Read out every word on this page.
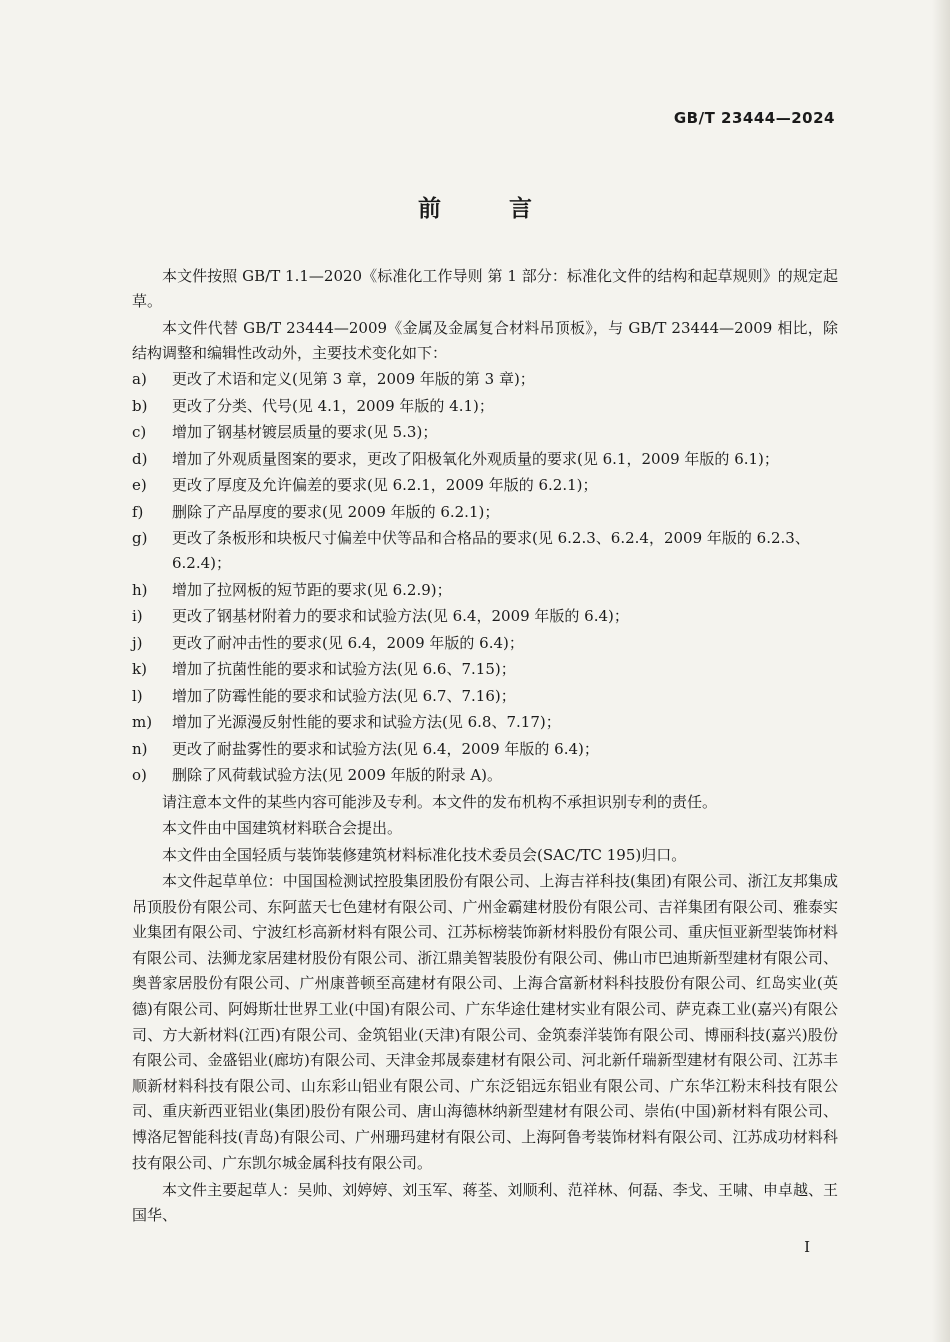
GB/T 23444—2024
前 言

本文件按照 GB/T 1.1—2020《标准化工作导则 第 1 部分：标准化文件的结构和起草规则》的规定起草。

本文件代替 GB/T 23444—2009《金属及金属复合材料吊顶板》，与 GB/T 23444—2009 相比，除结构调整和编辑性改动外，主要技术变化如下：

a)	更改了术语和定义(见第 3 章，2009 年版的第 3 章)；
b)	更改了分类、代号(见 4.1，2009 年版的 4.1)；
c)	增加了钢基材镀层质量的要求(见 5.3)；
d)	增加了外观质量图案的要求，更改了阳极氧化外观质量的要求(见 6.1，2009 年版的 6.1)；
e)	更改了厚度及允许偏差的要求(见 6.2.1，2009 年版的 6.2.1)；
f)	删除了产品厚度的要求(见 2009 年版的 6.2.1)；
g)	更改了条板形和块板尺寸偏差中伏等品和合格品的要求(见 6.2.3、6.2.4，2009 年版的 6.2.3、6.2.4)；
h)	增加了拉网板的短节距的要求(见 6.2.9)；
i)	更改了钢基材附着力的要求和试验方法(见 6.4，2009 年版的 6.4)；
j)	更改了耐冲击性的要求(见 6.4，2009 年版的 6.4)；
k)	增加了抗菌性能的要求和试验方法(见 6.6、7.15)；
l)	增加了防霉性能的要求和试验方法(见 6.7、7.16)；
m)	增加了光源漫反射性能的要求和试验方法(见 6.8、7.17)；
n)	更改了耐盐雾性的要求和试验方法(见 6.4，2009 年版的 6.4)；
o)	删除了风荷载试验方法(见 2009 年版的附录 A)。

请注意本文件的某些内容可能涉及专利。本文件的发布机构不承担识别专利的责任。

本文件由中国建筑材料联合会提出。

本文件由全国轻质与装饰装修建筑材料标准化技术委员会(SAC/TC 195)归口。

本文件起草单位：中国国检测试控股集团股份有限公司、上海吉祥科技(集团)有限公司、浙江友邦集成吊顶股份有限公司、东阿蓝天七色建材有限公司、广州金霸建材股份有限公司、吉祥集团有限公司、雅泰实业集团有限公司、宁波红杉高新材料有限公司、江苏标榜装饰新材料股份有限公司、重庆恒亚新型装饰材料有限公司、法狮龙家居建材股份有限公司、浙江鼎美智装股份有限公司、佛山市巴迪斯新型建材有限公司、奥普家居股份有限公司、广州康普顿至高建材有限公司、上海合富新材料科技股份有限公司、红岛实业(英德)有限公司、阿姆斯壮世界工业(中国)有限公司、广东华途仕建材实业有限公司、萨克森工业(嘉兴)有限公司、方大新材料(江西)有限公司、金筑铝业(天津)有限公司、金筑泰洋装饰有限公司、博丽科技(嘉兴)股份有限公司、金盛铝业(廊坊)有限公司、天津金邦晟泰建材有限公司、河北新仟瑞新型建材有限公司、江苏丰顺新材料科技有限公司、山东彩山铝业有限公司、广东泛铝远东铝业有限公司、广东华江粉末科技有限公司、重庆新西亚铝业(集团)股份有限公司、唐山海德林纳新型建材有限公司、崇佑(中国)新材料有限公司、博洛尼智能科技(青岛)有限公司、广州珊玛建材有限公司、上海阿鲁考装饰材料有限公司、江苏成功材料科技有限公司、广东凯尔城金属科技有限公司。

本文件主要起草人：吴帅、刘婷婷、刘玉军、蒋荃、刘顺利、范祥林、何磊、李戈、王啸、申卓越、王国华、

I
